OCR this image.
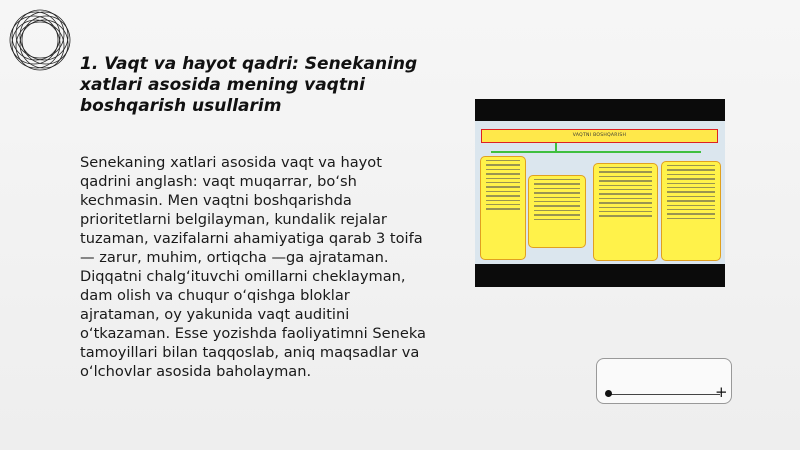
1. Vaqt va hayot qadri: Senekaning xatlari asosida mening vaqtni boshqarish usullarim

Senekaning xatlari asosida vaqt va hayot qadrini anglash: vaqt muqarrar, bo‘sh kechmasin. Men vaqtni boshqarishda prioritetlarni belgilayman, kundalik rejalar tuzaman, vazifalarni ahamiyatiga qarab 3 toifa — zarur, muhim, ortiqcha —ga ajrataman. Diqqatni chalg‘ituvchi omillarni cheklayman, dam olish va chuqur o‘qishga bloklar ajrataman, oy yakunida vaqt auditini o‘tkazaman. Esse yozishda faoliyatimni Seneka tamoyillari bilan taqqoslab, aniq maqsadlar va o‘lchovlar asosida baholayman.

VAQTNI BOSHQARISH
+
